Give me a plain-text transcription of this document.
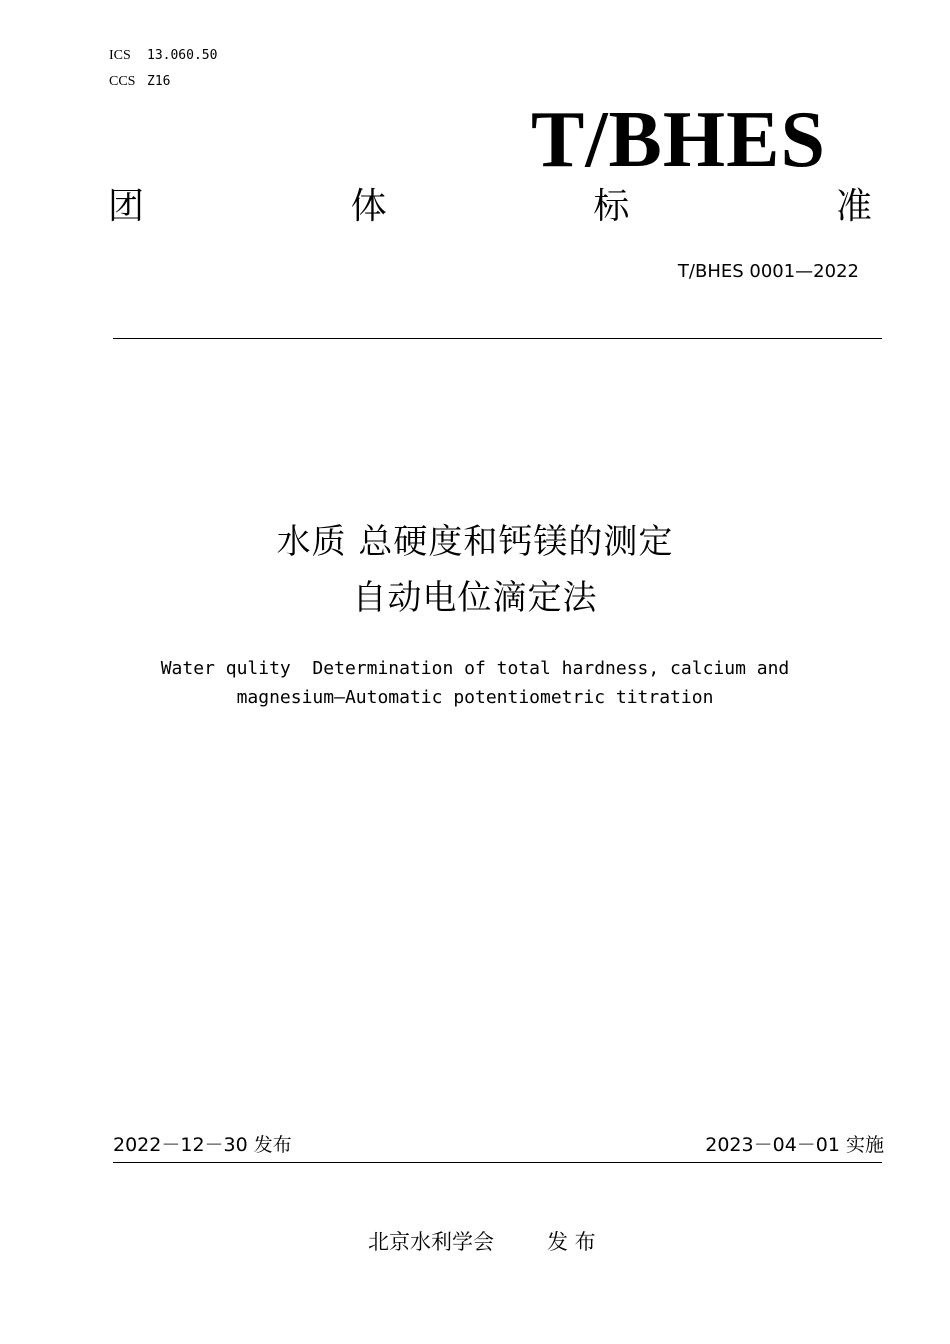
ICS 13.060.50
CCS Z16
T/BHES
团	体	标	准
T/BHES 0001—2022
水质 总硬度和钙镁的测定
自动电位滴定法
Water qulity  Determination of total hardness, calcium and
magnesium—Automatic potentiometric titration
2022－12－30 发布	2023－04－01 实施
北京水利学会	发 布
